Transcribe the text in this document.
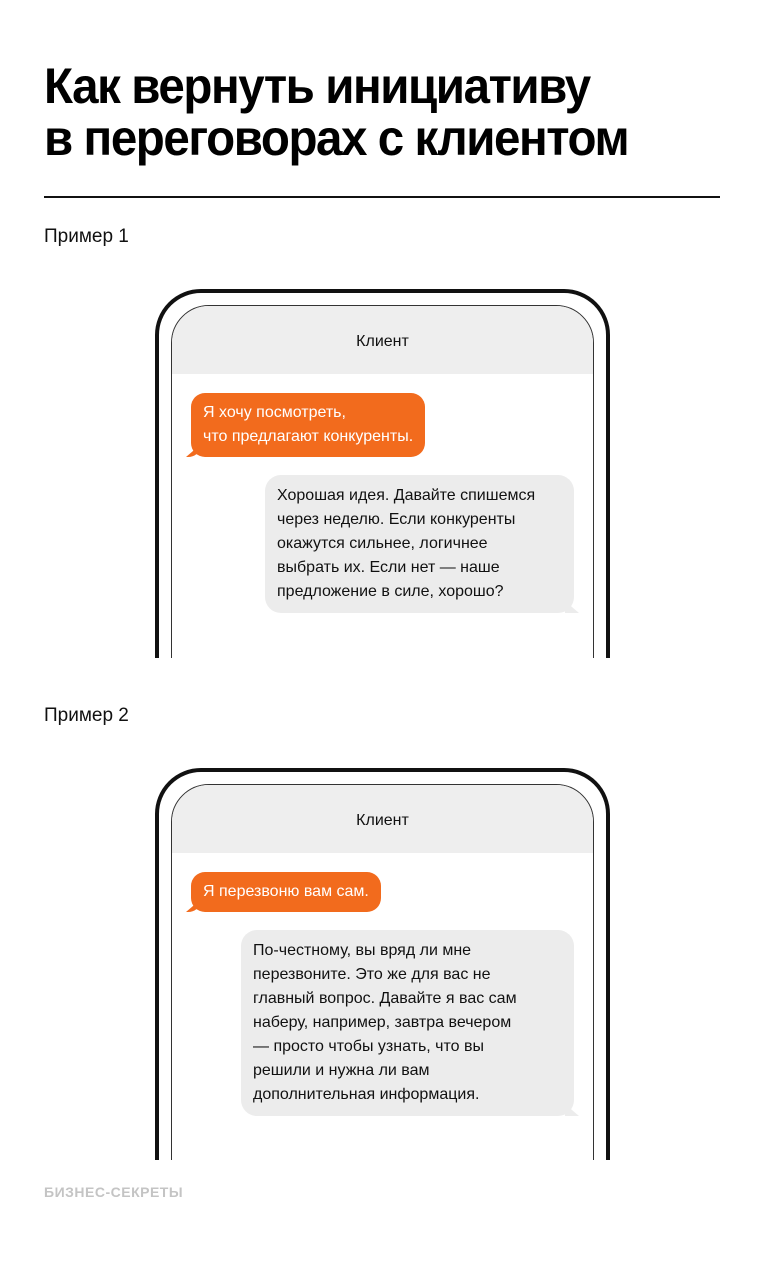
Как вернуть инициативу
в переговорах с клиентом
Пример 1
Клиент
Я хочу посмотреть,
что предлагают конкуренты.
Хорошая идея. Давайте спишемся
через неделю. Если конкуренты
окажутся сильнее, логичнее
выбрать их. Если нет — наше
предложение в силе, хорошо?
Пример 2
Клиент
Я перезвоню вам сам.
По-честному, вы вряд ли мне
перезвоните. Это же для вас не
главный вопрос. Давайте я вас сам
наберу, например, завтра вечером
— просто чтобы узнать, что вы
решили и нужна ли вам
дополнительная информация.
БИЗНЕС-СЕКРЕТЫ
